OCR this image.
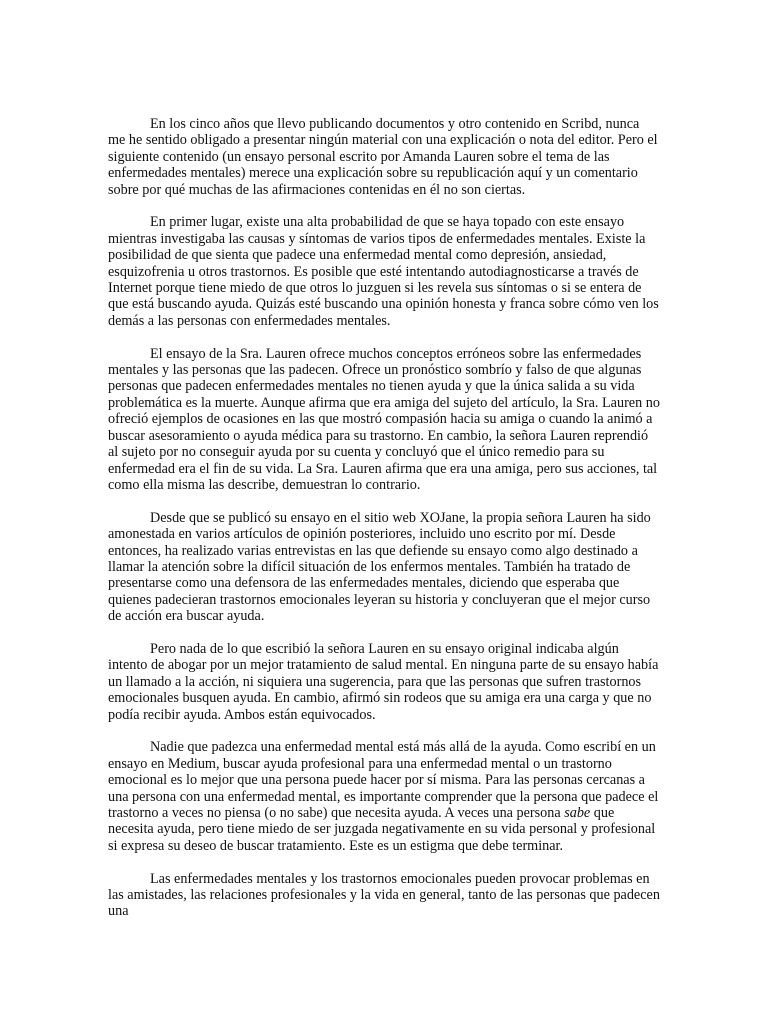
En los cinco años que llevo publicando documentos y otro contenido en Scribd, nunca me he sentido obligado a presentar ningún material con una explicación o nota del editor. Pero el siguiente contenido (un ensayo personal escrito por Amanda Lauren sobre el tema de las enfermedades mentales) merece una explicación sobre su republicación aquí y un comentario sobre por qué muchas de las afirmaciones contenidas en él no son ciertas.

En primer lugar, existe una alta probabilidad de que se haya topado con este ensayo mientras investigaba las causas y síntomas de varios tipos de enfermedades mentales. Existe la posibilidad de que sienta que padece una enfermedad mental como depresión, ansiedad, esquizofrenia u otros trastornos. Es posible que esté intentando autodiagnosticarse a través de Internet porque tiene miedo de que otros lo juzguen si les revela sus síntomas o si se entera de que está buscando ayuda. Quizás esté buscando una opinión honesta y franca sobre cómo ven los demás a las personas con enfermedades mentales.

El ensayo de la Sra. Lauren ofrece muchos conceptos erróneos sobre las enfermedades mentales y las personas que las padecen. Ofrece un pronóstico sombrío y falso de que algunas personas que padecen enfermedades mentales no tienen ayuda y que la única salida a su vida problemática es la muerte. Aunque afirma que era amiga del sujeto del artículo, la Sra. Lauren no ofreció ejemplos de ocasiones en las que mostró compasión hacia su amiga o cuando la animó a buscar asesoramiento o ayuda médica para su trastorno. En cambio, la señora Lauren reprendió al sujeto por no conseguir ayuda por su cuenta y concluyó que el único remedio para su enfermedad era el fin de su vida. La Sra. Lauren afirma que era una amiga, pero sus acciones, tal como ella misma las describe, demuestran lo contrario.

Desde que se publicó su ensayo en el sitio web XOJane, la propia señora Lauren ha sido amonestada en varios artículos de opinión posteriores, incluido uno escrito por mí. Desde entonces, ha realizado varias entrevistas en las que defiende su ensayo como algo destinado a llamar la atención sobre la difícil situación de los enfermos mentales. También ha tratado de presentarse como una defensora de las enfermedades mentales, diciendo que esperaba que quienes padecieran trastornos emocionales leyeran su historia y concluyeran que el mejor curso de acción era buscar ayuda.

Pero nada de lo que escribió la señora Lauren en su ensayo original indicaba algún intento de abogar por un mejor tratamiento de salud mental. En ninguna parte de su ensayo había un llamado a la acción, ni siquiera una sugerencia, para que las personas que sufren trastornos emocionales busquen ayuda. En cambio, afirmó sin rodeos que su amiga era una carga y que no podía recibir ayuda. Ambos están equivocados.

Nadie que padezca una enfermedad mental está más allá de la ayuda. Como escribí en un ensayo en Medium, buscar ayuda profesional para una enfermedad mental o un trastorno emocional es lo mejor que una persona puede hacer por sí misma. Para las personas cercanas a una persona con una enfermedad mental, es importante comprender que la persona que padece el trastorno a veces no piensa (o no sabe) que necesita ayuda. A veces una persona sabe que necesita ayuda, pero tiene miedo de ser juzgada negativamente en su vida personal y profesional si expresa su deseo de buscar tratamiento. Este es un estigma que debe terminar.

Las enfermedades mentales y los trastornos emocionales pueden provocar problemas en las amistades, las relaciones profesionales y la vida en general, tanto de las personas que padecen una
